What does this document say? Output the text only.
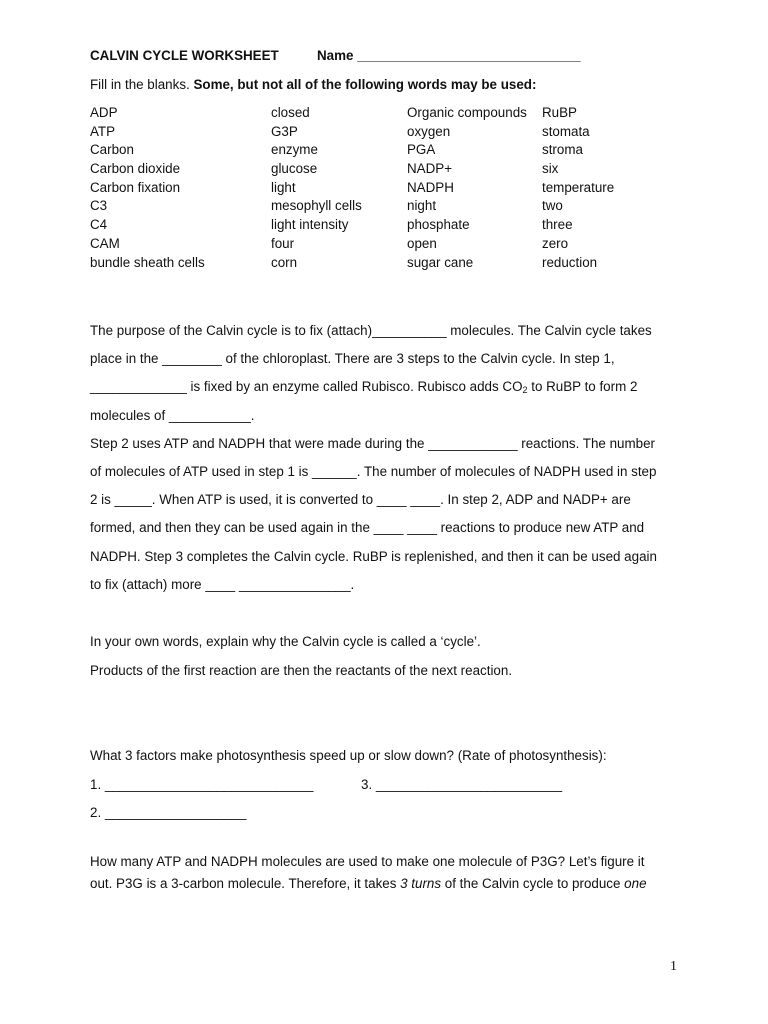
CALVIN CYCLE WORKSHEET	Name ______________________________
Fill in the blanks. Some, but not all of the following words may be used:
ADP
ATP
Carbon
Carbon dioxide
Carbon fixation
C3
C4
CAM
bundle sheath cells
closed
G3P
enzyme
glucose
light
mesophyll cells
light intensity
four
corn
Organic compounds
oxygen
PGA
NADP+
NADPH
night
phosphate
open
sugar cane
RuBP
stomata
stroma
six
temperature
two
three
zero
reduction
The purpose of the Calvin cycle is to fix (attach)__________ molecules. The Calvin cycle takes
place in the ________ of the chloroplast. There are 3 steps to the Calvin cycle. In step 1,
_____________ is fixed by an enzyme called Rubisco. Rubisco adds $CO_2$ to RuBP to form 2
molecules of ___________.
Step 2 uses ATP and NADPH that were made during the ____________ reactions. The number
of molecules of ATP used in step 1 is ______. The number of molecules of NADPH used in step
2 is _____. When ATP is used, it is converted to ____ ____. In step 2, ADP and NADP+ are
formed, and then they can be used again in the ____ ____ reactions to produce new ATP and
NADPH. Step 3 completes the Calvin cycle. RuBP is replenished, and then it can be used again
to fix (attach) more ____ _______________.
In your own words, explain why the Calvin cycle is called a ‘cycle’.
Products of the first reaction are then the reactants of the next reaction.
What 3 factors make photosynthesis speed up or slow down? (Rate of photosynthesis):
1. ____________________________	3. _________________________
2. ___________________
How many ATP and NADPH molecules are used to make one molecule of P3G? Let’s figure it
out. P3G is a 3-carbon molecule. Therefore, it takes 3 turns of the Calvin cycle to produce one
1
